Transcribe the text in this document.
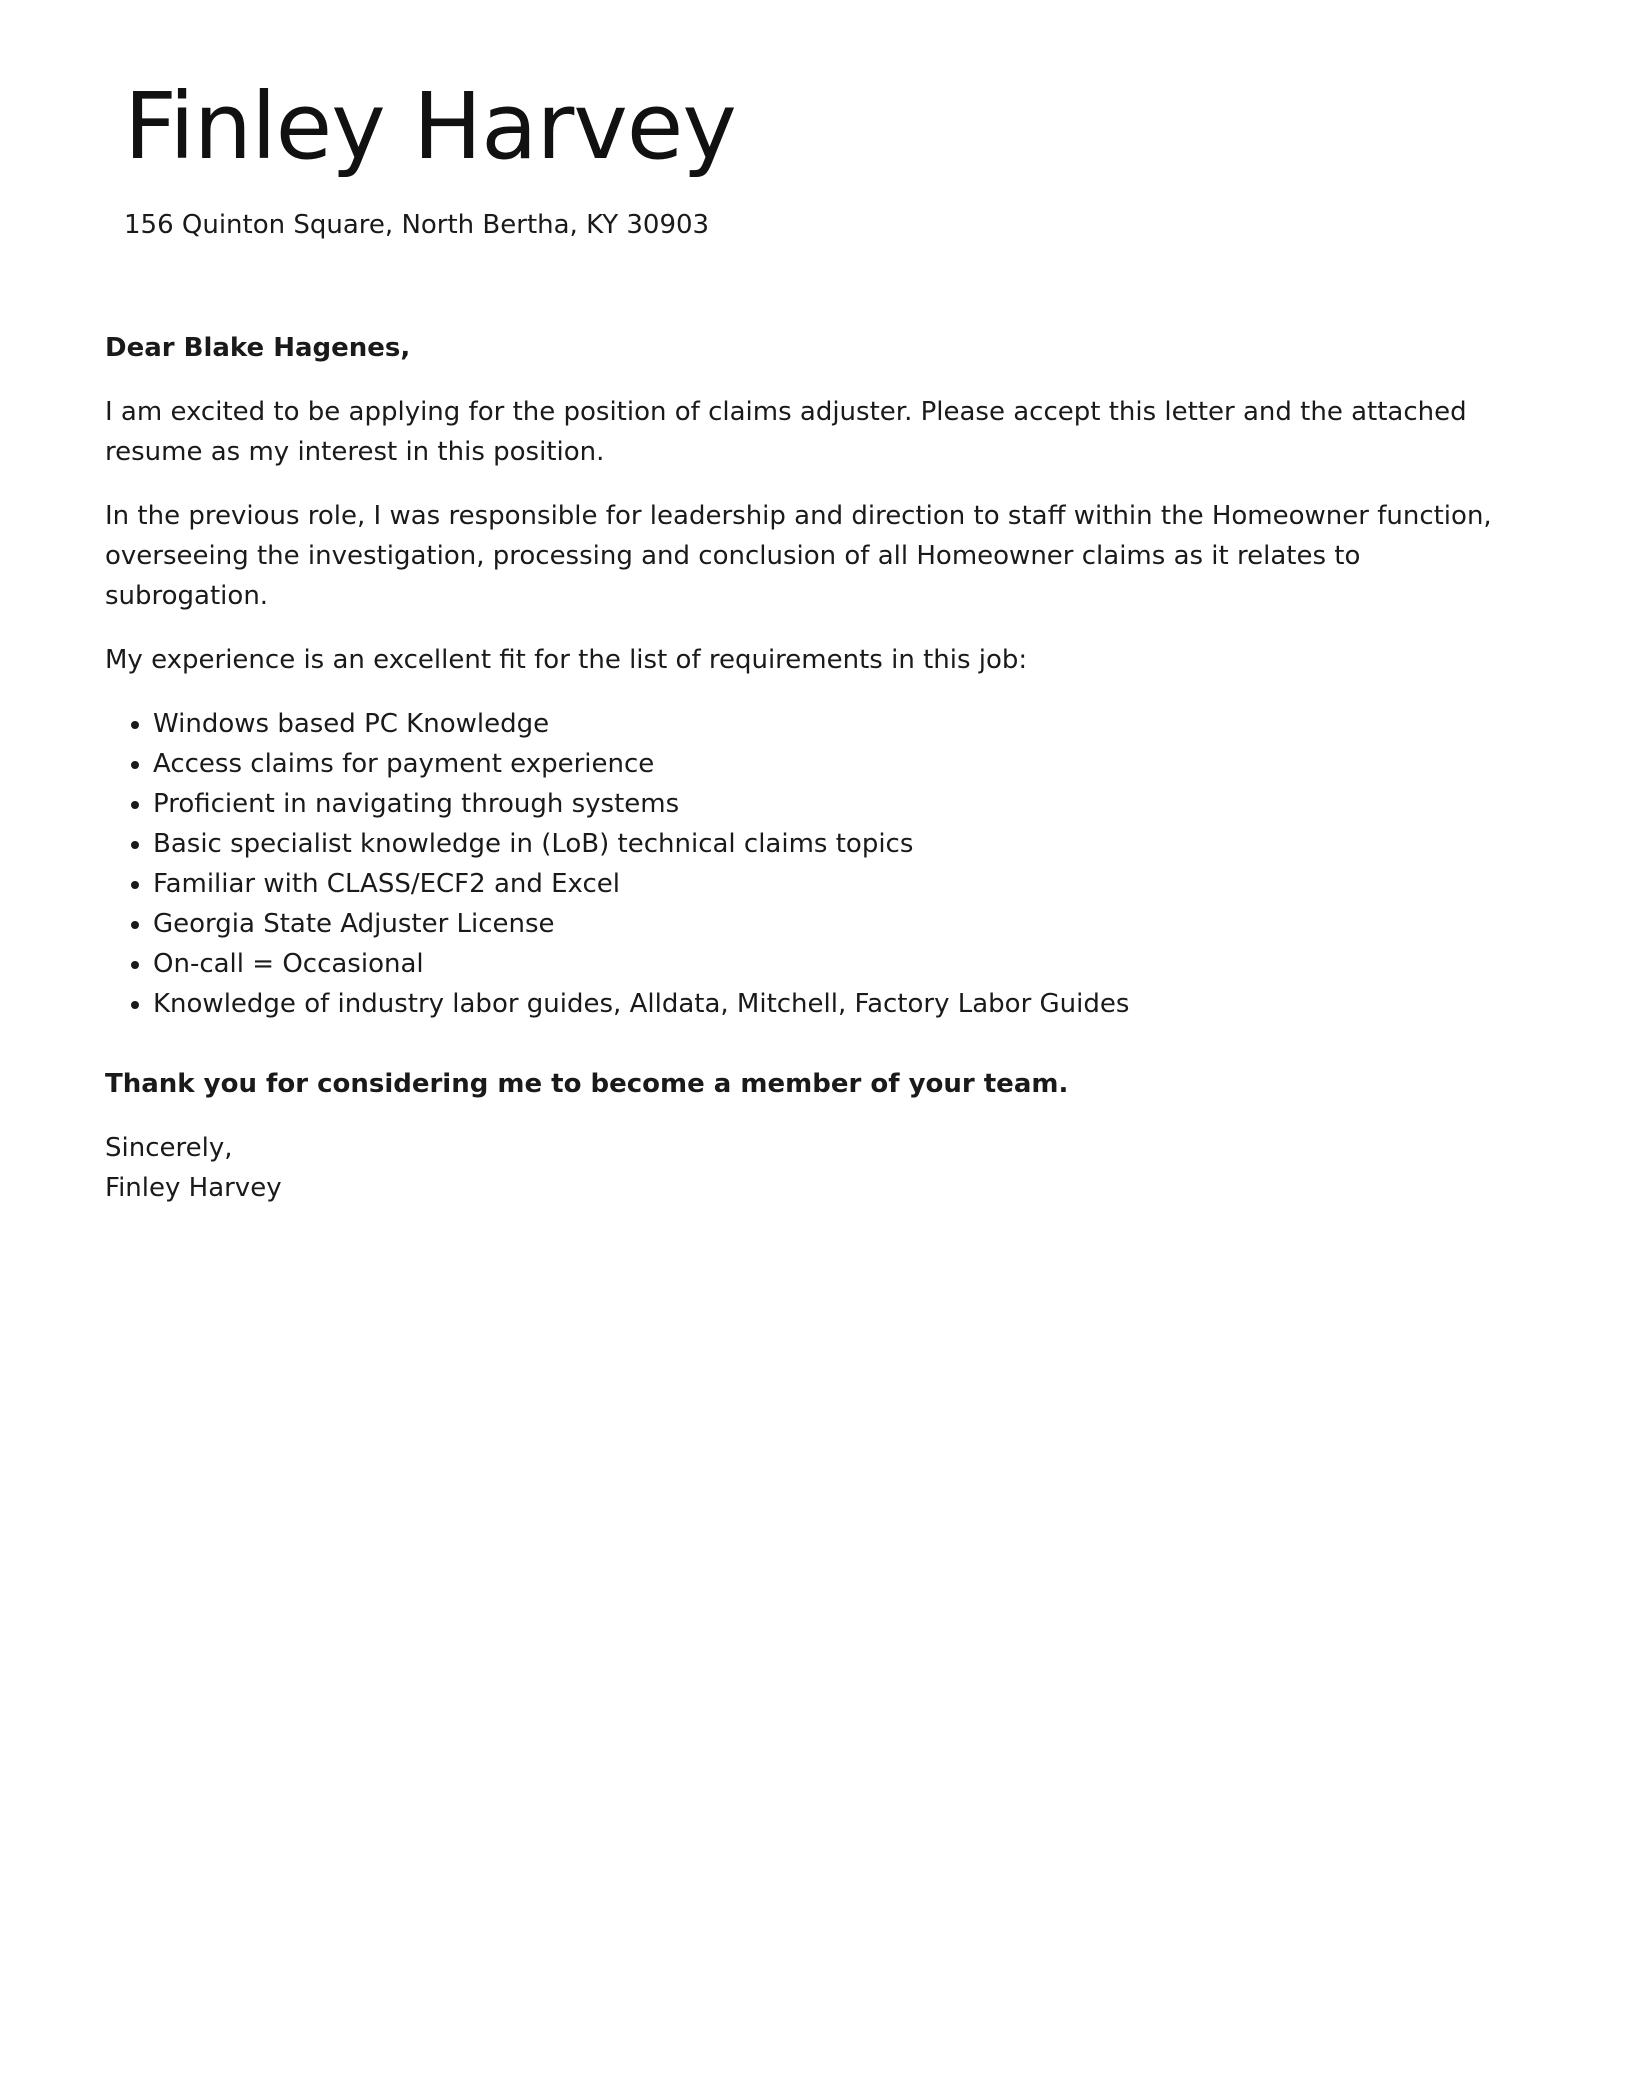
Finley Harvey
156 Quinton Square, North Bertha, KY 30903

Dear Blake Hagenes,

I am excited to be applying for the position of claims adjuster. Please accept this letter and the attached resume as my interest in this position.

In the previous role, I was responsible for leadership and direction to staff within the Homeowner function, overseeing the investigation, processing and conclusion of all Homeowner claims as it relates to subrogation.

My experience is an excellent fit for the list of requirements in this job:

Windows based PC Knowledge
Access claims for payment experience
Proficient in navigating through systems
Basic specialist knowledge in (LoB) technical claims topics
Familiar with CLASS/ECF2 and Excel
Georgia State Adjuster License
On-call = Occasional
Knowledge of industry labor guides, Alldata, Mitchell, Factory Labor Guides

Thank you for considering me to become a member of your team.

Sincerely,
Finley Harvey
